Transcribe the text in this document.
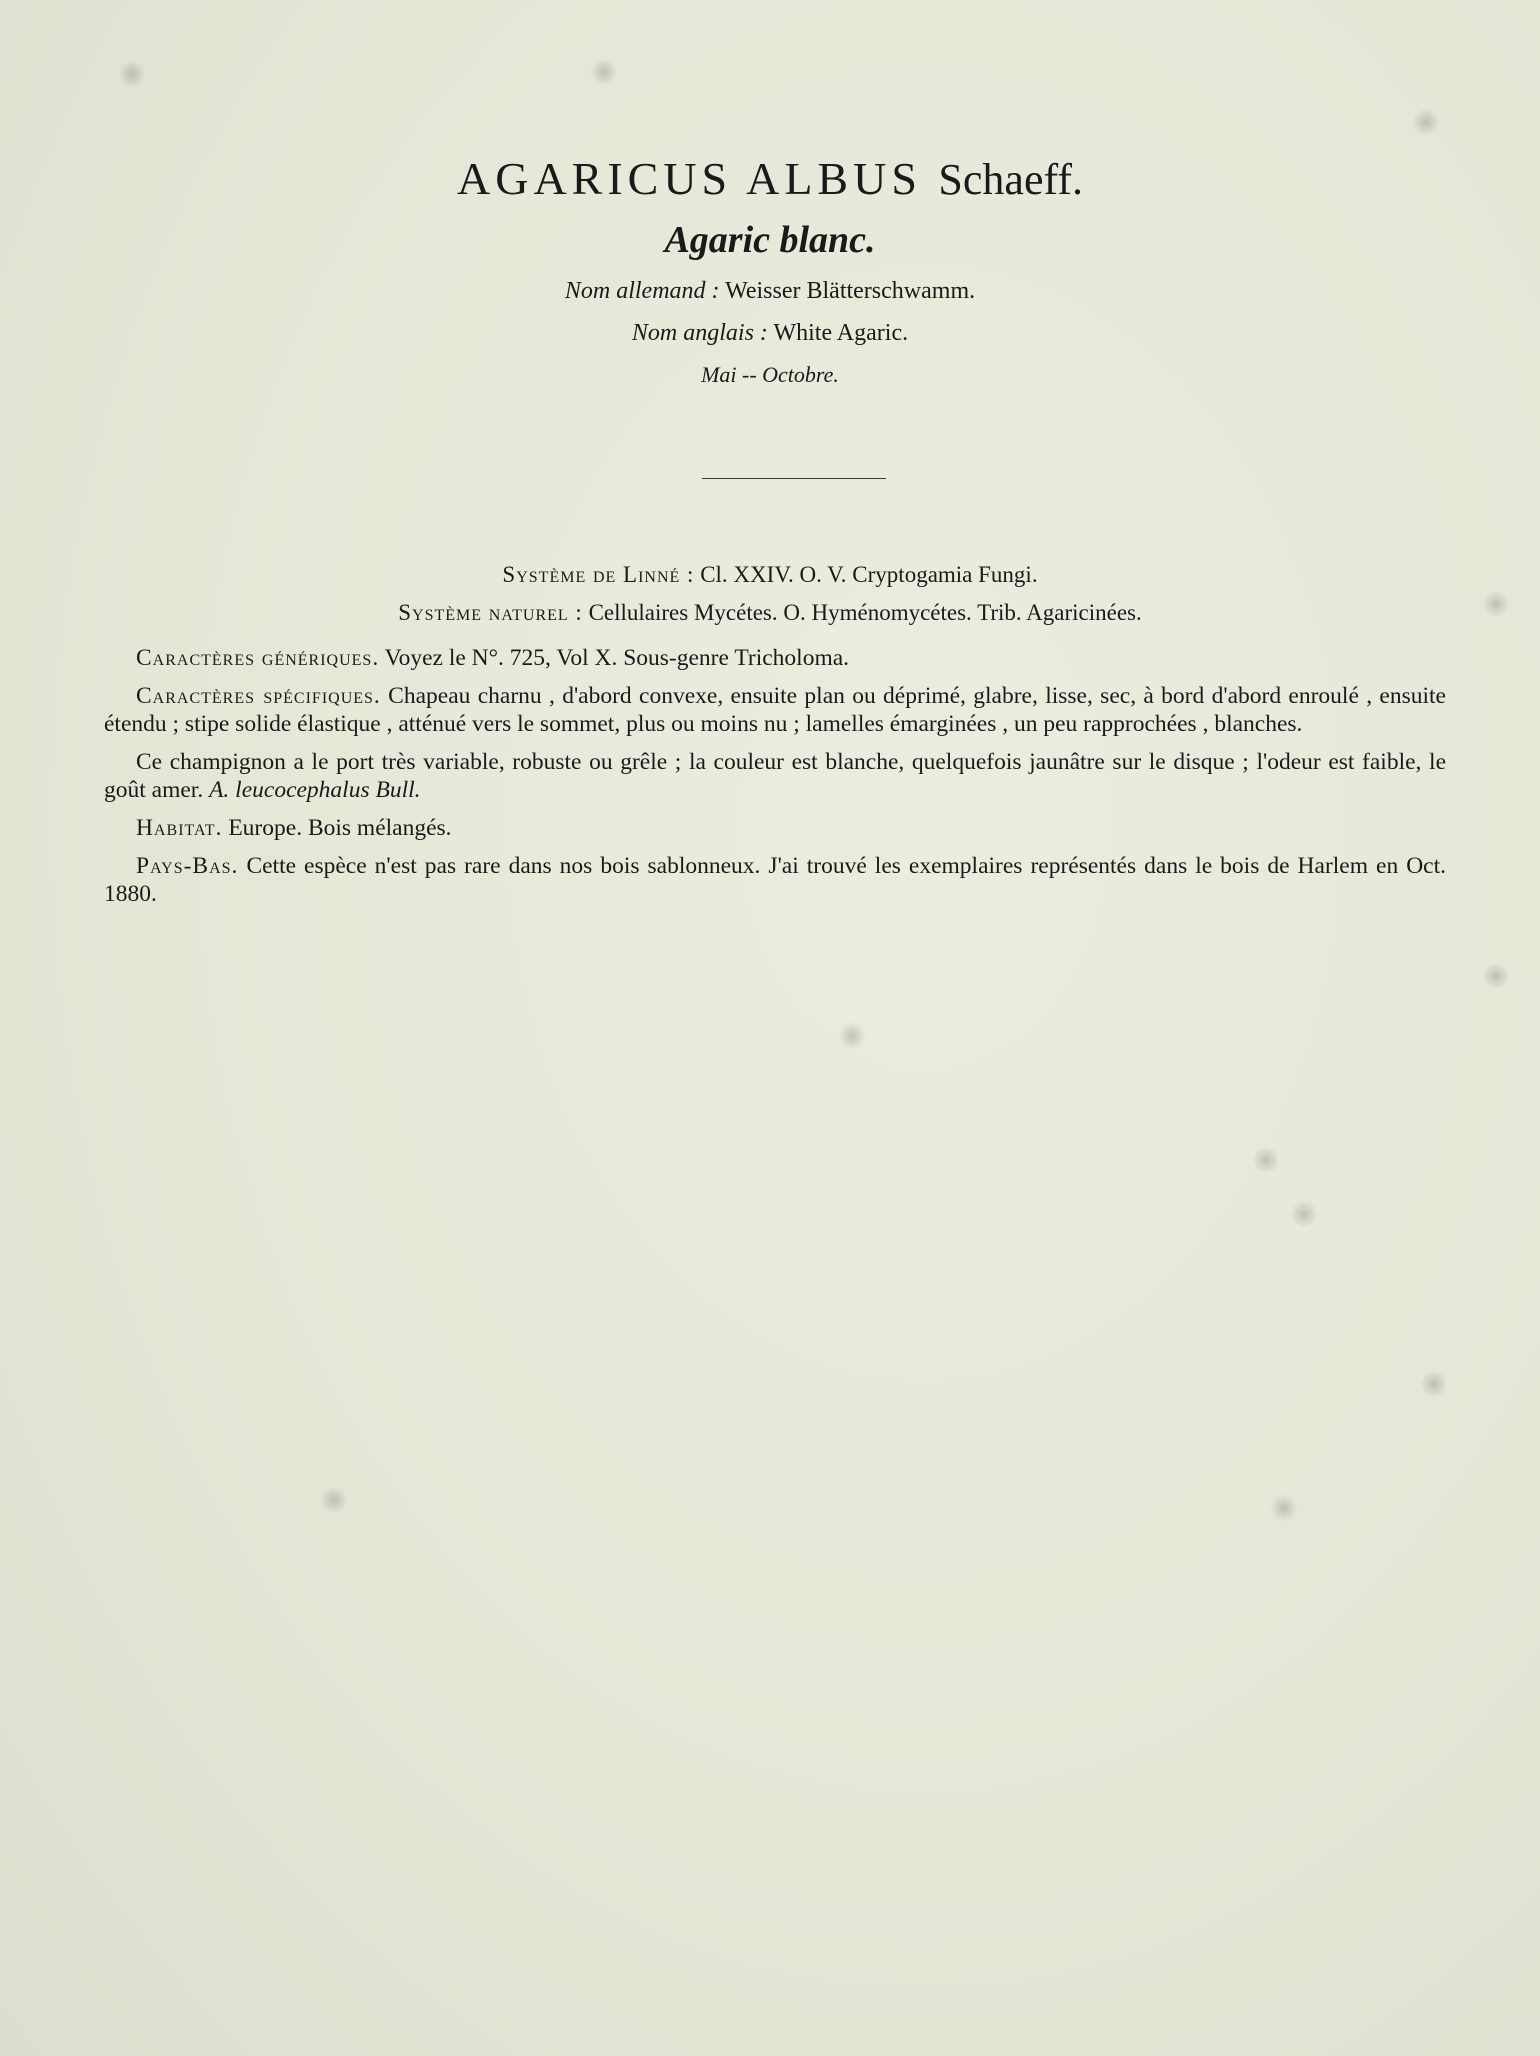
AGARICUS ALBUS Schaeff.
Agaric blanc.
Nom allemand : Weisser Blätterschwamm.
Nom anglais : White Agaric.
Mai -- Octobre.
Système de Linné : Cl. XXIV. O. V. Cryptogamia Fungi.
Système naturel : Cellulaires Mycétes. O. Hyménomycétes. Trib. Agaricinées.

Caractères génériques. Voyez le N°. 725, Vol X. Sous-genre Tricholoma.

Caractères spécifiques. Chapeau charnu , d'abord convexe, ensuite plan ou déprimé, glabre, lisse, sec, à bord d'abord enroulé , ensuite étendu ; stipe solide élastique , atténué vers le sommet, plus ou moins nu ; lamelles émarginées , un peu rapprochées , blanches.

Ce champignon a le port très variable, robuste ou grêle ; la couleur est blanche, quelquefois jaunâtre sur le disque ; l'odeur est faible, le goût amer. A. leucocephalus Bull.

Habitat. Europe. Bois mélangés.

Pays-Bas. Cette espèce n'est pas rare dans nos bois sablonneux. J'ai trouvé les exemplaires représentés dans le bois de Harlem en Oct. 1880.
